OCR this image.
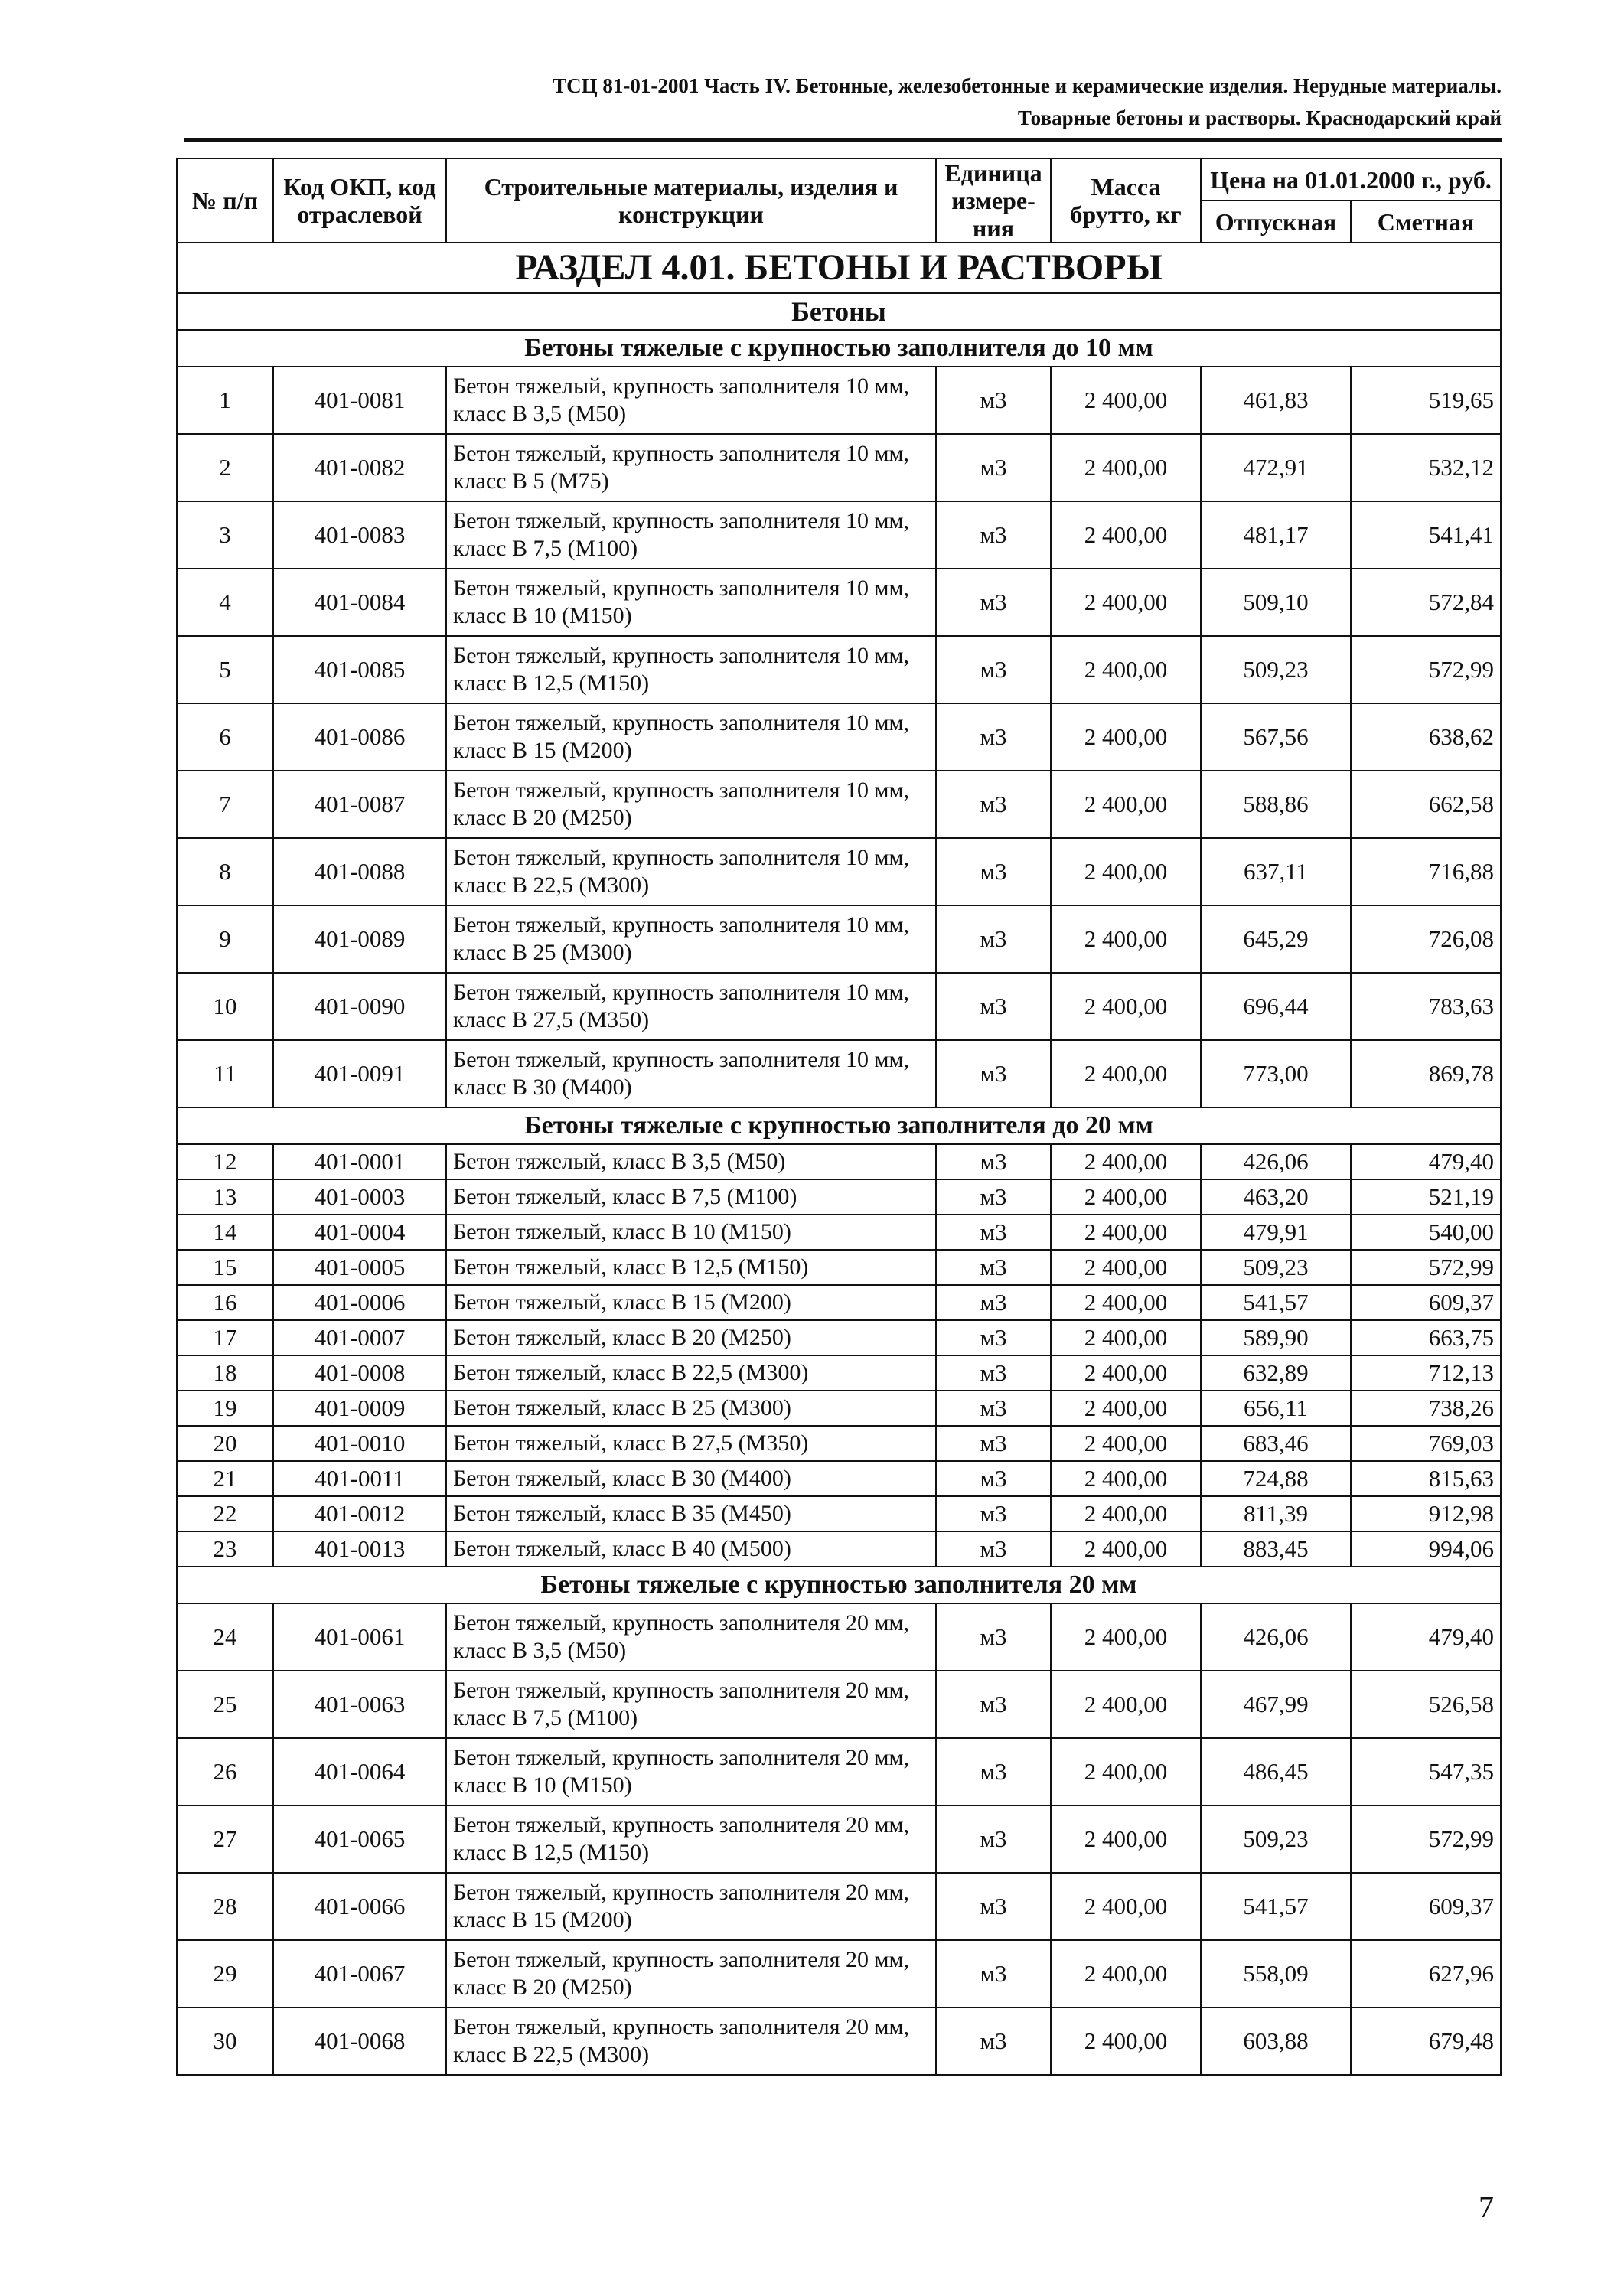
ТСЦ 81-01-2001 Часть IV. Бетонные, железобетонные и керамические изделия. Нерудные материалы.
Товарные бетоны и растворы. Краснодарский край
№ п/п	Код ОКП, код отраслевой	Строительные материалы, изделия и конструкции	Единица измере-ния	Масса брутто, кг	Цена на 01.01.2000 г., руб.	
					Отпускная	Сметная
РАЗДЕЛ 4.01. БЕТОНЫ И РАСТВОРЫ						
Бетоны						
Бетоны тяжелые с крупностью заполнителя до 10 мм						
1	401-0081	Бетон тяжелый, крупность заполнителя 10 мм, класс В 3,5 (М50)	м3	2 400,00	461,83	519,65
2	401-0082	Бетон тяжелый, крупность заполнителя 10 мм, класс В 5 (М75)	м3	2 400,00	472,91	532,12
3	401-0083	Бетон тяжелый, крупность заполнителя 10 мм, класс В 7,5 (М100)	м3	2 400,00	481,17	541,41
4	401-0084	Бетон тяжелый, крупность заполнителя 10 мм, класс В 10 (М150)	м3	2 400,00	509,10	572,84
5	401-0085	Бетон тяжелый, крупность заполнителя 10 мм, класс В 12,5 (М150)	м3	2 400,00	509,23	572,99
6	401-0086	Бетон тяжелый, крупность заполнителя 10 мм, класс В 15 (М200)	м3	2 400,00	567,56	638,62
7	401-0087	Бетон тяжелый, крупность заполнителя 10 мм, класс В 20 (М250)	м3	2 400,00	588,86	662,58
8	401-0088	Бетон тяжелый, крупность заполнителя 10 мм, класс В 22,5 (М300)	м3	2 400,00	637,11	716,88
9	401-0089	Бетон тяжелый, крупность заполнителя 10 мм, класс В 25 (М300)	м3	2 400,00	645,29	726,08
10	401-0090	Бетон тяжелый, крупность заполнителя 10 мм, класс В 27,5 (М350)	м3	2 400,00	696,44	783,63
11	401-0091	Бетон тяжелый, крупность заполнителя 10 мм, класс В 30 (М400)	м3	2 400,00	773,00	869,78
Бетоны тяжелые с крупностью заполнителя до 20 мм						
12	401-0001	Бетон тяжелый, класс В 3,5 (М50)	м3	2 400,00	426,06	479,40
13	401-0003	Бетон тяжелый, класс В 7,5 (М100)	м3	2 400,00	463,20	521,19
14	401-0004	Бетон тяжелый, класс В 10 (М150)	м3	2 400,00	479,91	540,00
15	401-0005	Бетон тяжелый, класс В 12,5 (М150)	м3	2 400,00	509,23	572,99
16	401-0006	Бетон тяжелый, класс В 15 (М200)	м3	2 400,00	541,57	609,37
17	401-0007	Бетон тяжелый, класс В 20 (М250)	м3	2 400,00	589,90	663,75
18	401-0008	Бетон тяжелый, класс В 22,5 (М300)	м3	2 400,00	632,89	712,13
19	401-0009	Бетон тяжелый, класс В 25 (М300)	м3	2 400,00	656,11	738,26
20	401-0010	Бетон тяжелый, класс В 27,5 (М350)	м3	2 400,00	683,46	769,03
21	401-0011	Бетон тяжелый, класс В 30 (М400)	м3	2 400,00	724,88	815,63
22	401-0012	Бетон тяжелый, класс В 35 (М450)	м3	2 400,00	811,39	912,98
23	401-0013	Бетон тяжелый, класс В 40 (М500)	м3	2 400,00	883,45	994,06
Бетоны тяжелые с крупностью заполнителя 20 мм						
24	401-0061	Бетон тяжелый, крупность заполнителя 20 мм, класс В 3,5 (М50)	м3	2 400,00	426,06	479,40
25	401-0063	Бетон тяжелый, крупность заполнителя 20 мм, класс В 7,5 (М100)	м3	2 400,00	467,99	526,58
26	401-0064	Бетон тяжелый, крупность заполнителя 20 мм, класс В 10 (М150)	м3	2 400,00	486,45	547,35
27	401-0065	Бетон тяжелый, крупность заполнителя 20 мм, класс В 12,5 (М150)	м3	2 400,00	509,23	572,99
28	401-0066	Бетон тяжелый, крупность заполнителя 20 мм, класс В 15 (М200)	м3	2 400,00	541,57	609,37
29	401-0067	Бетон тяжелый, крупность заполнителя 20 мм, класс В 20 (М250)	м3	2 400,00	558,09	627,96
30	401-0068	Бетон тяжелый, крупность заполнителя 20 мм, класс В 22,5 (М300)	м3	2 400,00	603,88	679,48
7
